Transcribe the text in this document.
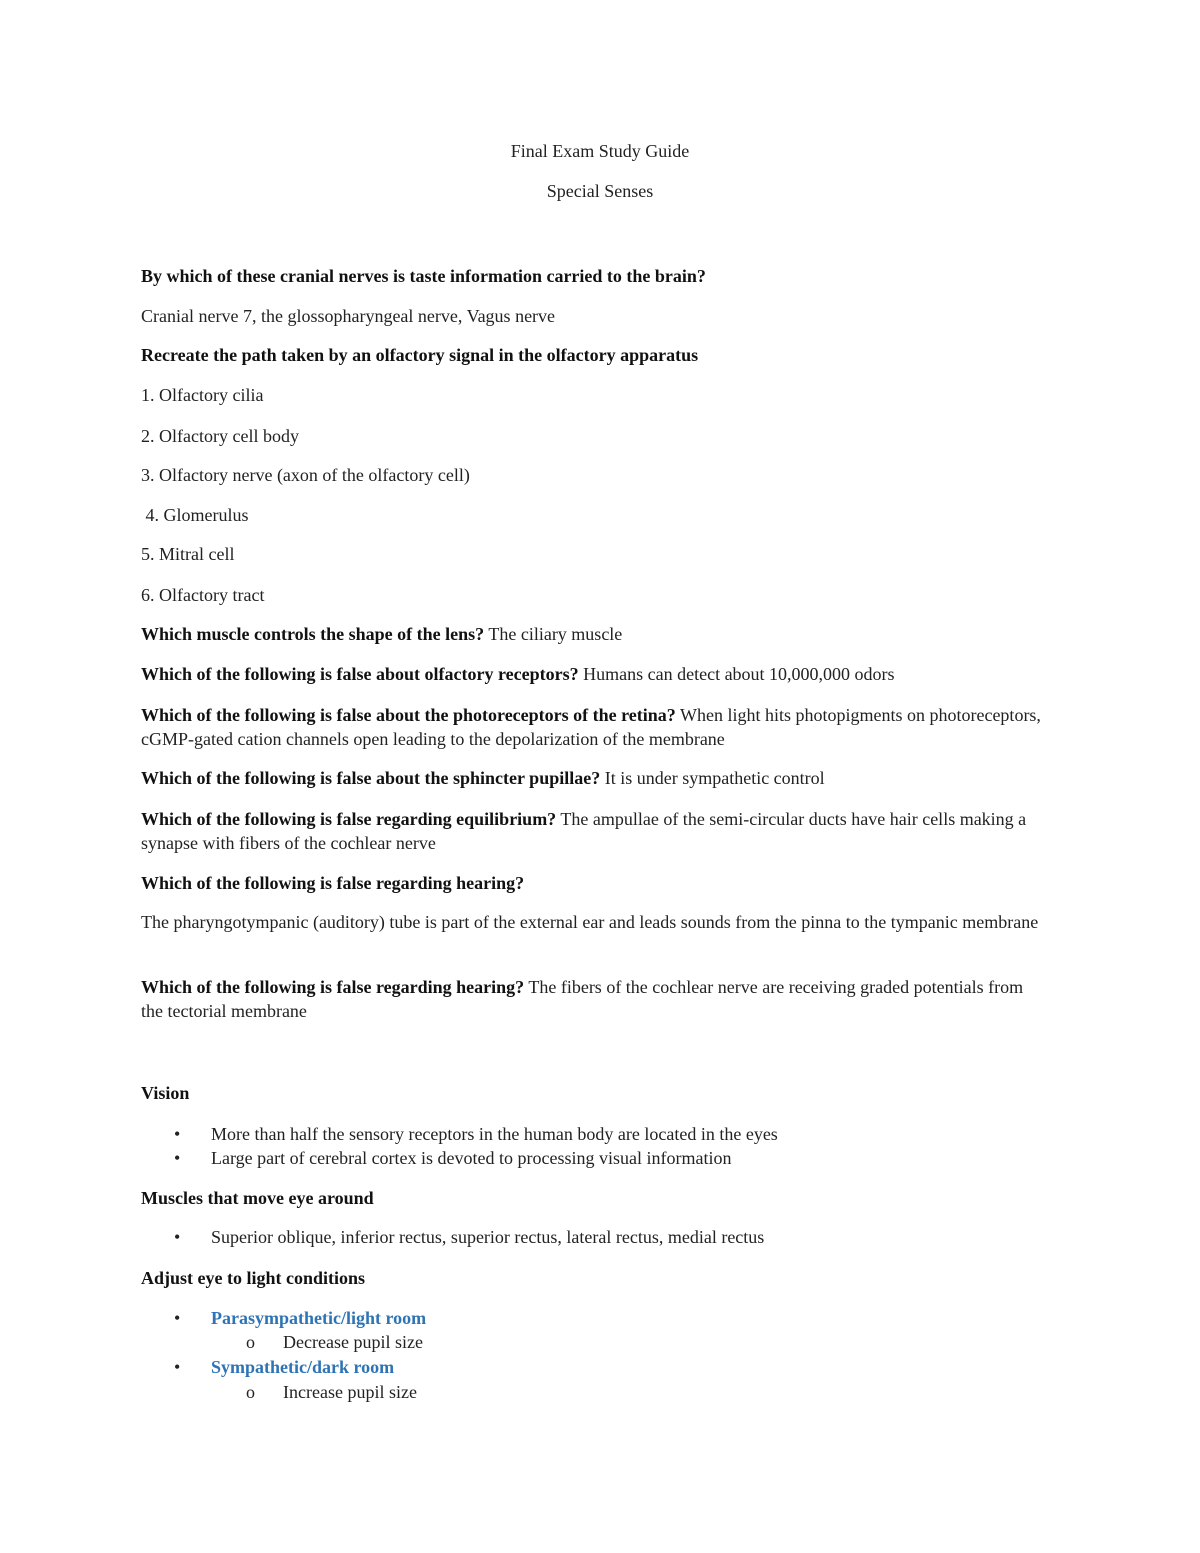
Final Exam Study Guide
Special Senses

By which of these cranial nerves is taste information carried to the brain?

Cranial nerve 7, the glossopharyngeal nerve, Vagus nerve

Recreate the path taken by an olfactory signal in the olfactory apparatus

1. Olfactory cilia

2. Olfactory cell body

3. Olfactory nerve (axon of the olfactory cell)

4. Glomerulus

5. Mitral cell

6. Olfactory tract

Which muscle controls the shape of the lens? The ciliary muscle

Which of the following is false about olfactory receptors? Humans can detect about 10,000,000 odors

Which of the following is false about the photoreceptors of the retina? When light hits photopigments on photoreceptors, cGMP-gated cation channels open leading to the depolarization of the membrane

Which of the following is false about the sphincter pupillae? It is under sympathetic control

Which of the following is false regarding equilibrium? The ampullae of the semi-circular ducts have hair cells making a synapse with fibers of the cochlear nerve

Which of the following is false regarding hearing?

The pharyngotympanic (auditory) tube is part of the external ear and leads sounds from the pinna to the tympanic membrane

Which of the following is false regarding hearing? The fibers of the cochlear nerve are receiving graded potentials from the tectorial membrane

Vision

• More than half the sensory receptors in the human body are located in the eyes
• Large part of cerebral cortex is devoted to processing visual information

Muscles that move eye around

• Superior oblique, inferior rectus, superior rectus, lateral rectus, medial rectus

Adjust eye to light conditions

• Parasympathetic/light room
o Decrease pupil size
• Sympathetic/dark room
o Increase pupil size
